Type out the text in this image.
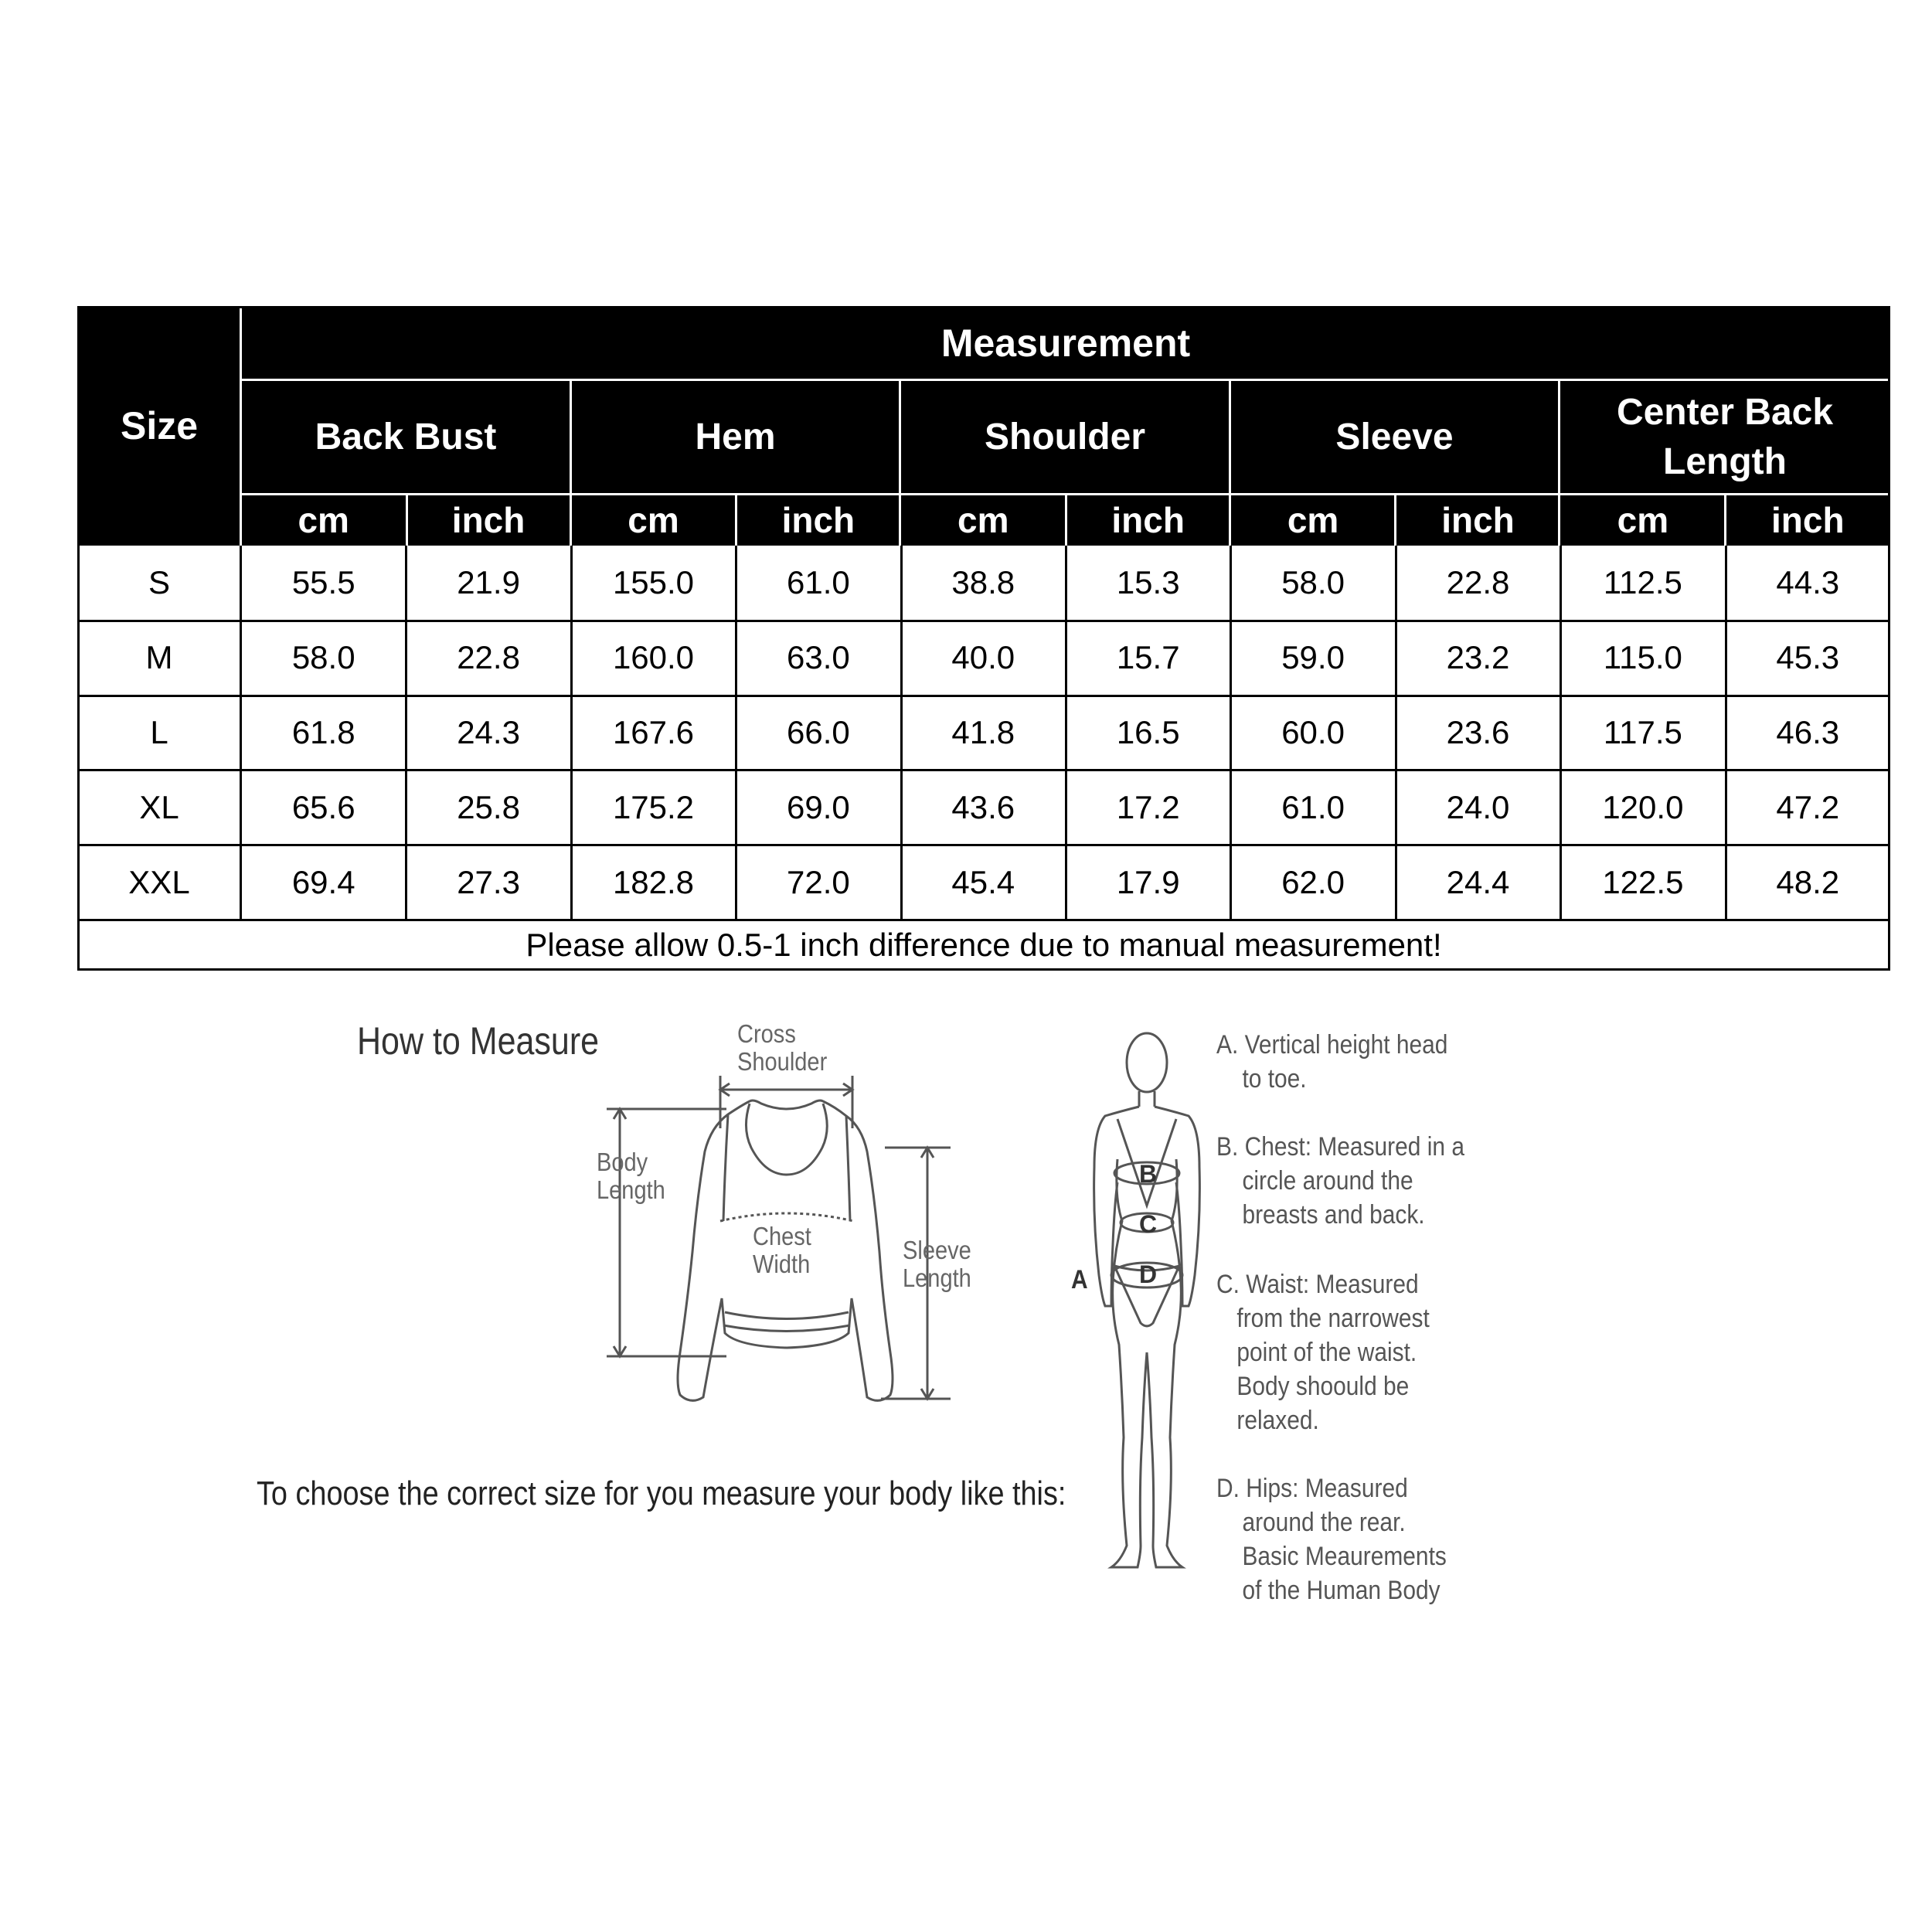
Size
Measurement
Back Bust	Hem	Shoulder	Sleeve
Center Back Length
cm	inch	cm	inch	cm	inch	cm	inch	cm	inch
S	55.5	21.9	155.0	61.0	38.8	15.3	58.0	22.8	112.5	44.3
M	58.0	22.8	160.0	63.0	40.0	15.7	59.0	23.2	115.0	45.3
L	61.8	24.3	167.6	66.0	41.8	16.5	60.0	23.6	117.5	46.3
XL	65.6	25.8	175.2	69.0	43.6	17.2	61.0	24.0	120.0	47.2
XXL	69.4	27.3	182.8	72.0	45.4	17.9	62.0	24.4	122.5	48.2
Please allow 0.5-1 inch difference due to manual measurement!
How to Measure	Cross
Shoulder
Body
Length
Chest
Width	Sleeve
Length
To choose the correct size for you measure your body like this:
B
C
D
A
A. Vertical height head
to toe.
B. Chest: Measured in a
circle around the
breasts and back.
C. Waist: Measured
from the narrowest
point of the waist.
Body shoould be
relaxed.
D. Hips: Measured
around the rear.
Basic Meaurements
of the Human Body
